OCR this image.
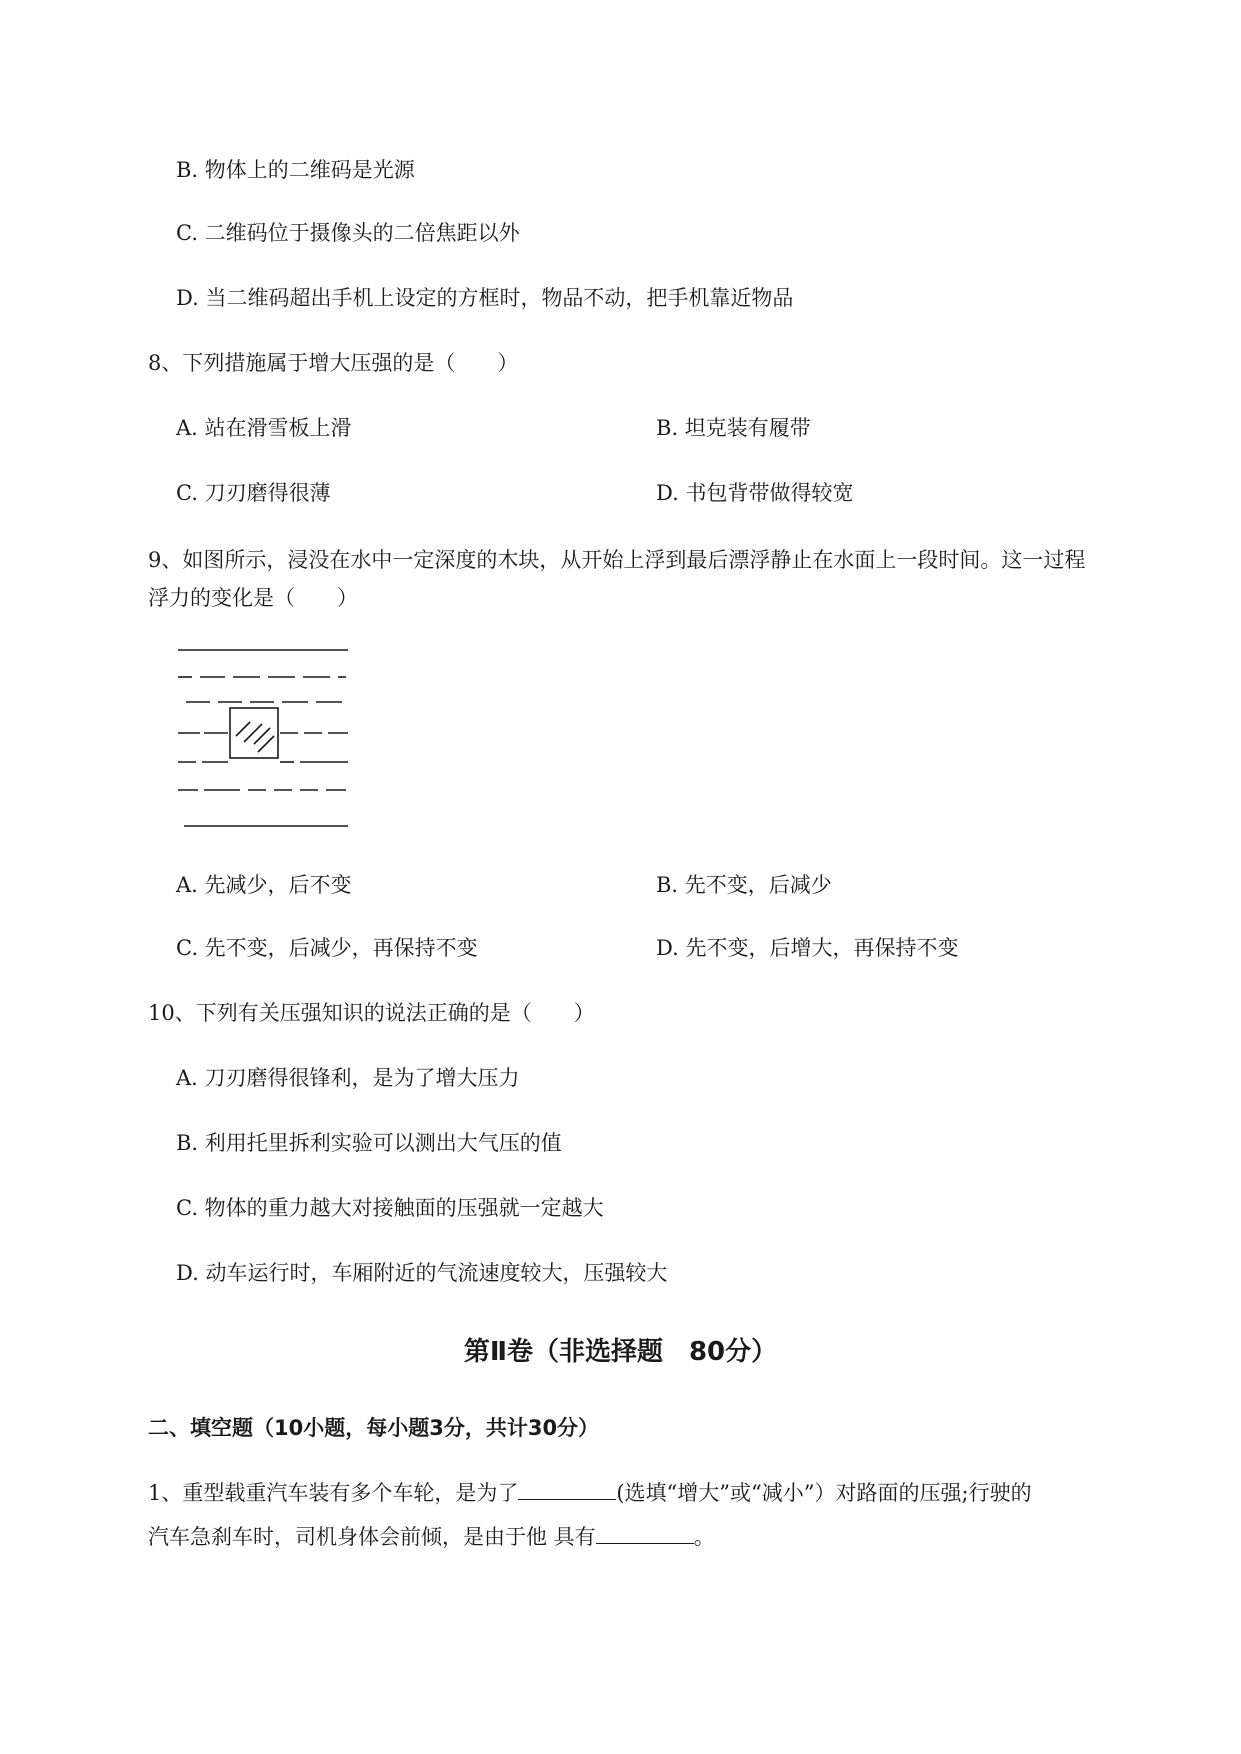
B. 物体上的二维码是光源
C. 二维码位于摄像头的二倍焦距以外
D. 当二维码超出手机上设定的方框时，物品不动，把手机靠近物品
8、下列措施属于增大压强的是（　　）
A. 站在滑雪板上滑	B. 坦克装有履带
C. 刀刃磨得很薄	D. 书包背带做得较宽
9、如图所示，浸没在水中一定深度的木块，从开始上浮到最后漂浮静止在水面上一段时间。这一过程
浮力的变化是（　　）
A. 先减少，后不变	B. 先不变，后减少
C. 先不变，后减少，再保持不变	D. 先不变，后增大，再保持不变
10、下列有关压强知识的说法正确的是（　　）
A. 刀刃磨得很锋利，是为了增大压力
B. 利用托里拆利实验可以测出大气压的值
C. 物体的重力越大对接触面的压强就一定越大
D. 动车运行时，车厢附近的气流速度较大，压强较大
第Ⅱ卷（非选择题　80分）
二、填空题（10小题，每小题3分，共计30分）
1、重型载重汽车装有多个车轮，是为了	(选填“增大”或“减小”）对路面的压强;行驶的
汽车急刹车时，司机身体会前倾，是由于他 具有	。
